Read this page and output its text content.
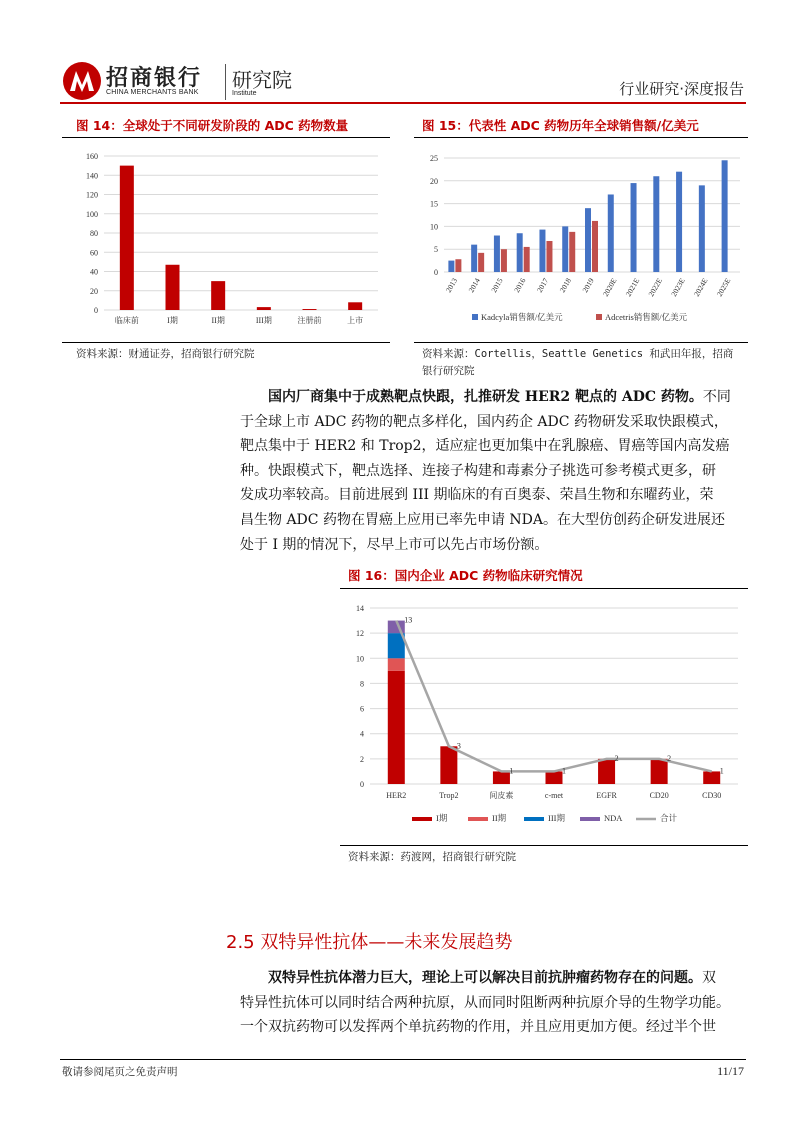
招商银行
CHINA MERCHANTS BANK
研究院
Institute	行业研究·深度报告
图 14：全球处于不同研发阶段的 ADC 药物数量
0
20
40
60
80
100
120
140
160
临床前	I期	II期	III期	注册前	上市
资料来源：财通证券，招商银行研究院
图 15：代表性 ADC 药物历年全球销售额/亿美元
0
5
10
15
20
25
2013 2014 2015 2016 2017 2018 2019 2020E 2021E 2022E 2023E 2024E 2025E
Kadcyla销售额/亿美元	Adcetris销售额/亿美元
资料来源：Cortellis，Seattle Genetics 和武田年报，招商
银行研究院
国内厂商集中于成熟靶点快跟，扎推研发 HER2 靶点的 ADC 药物。不同
于全球上市 ADC 药物的靶点多样化，国内药企 ADC 药物研发采取快跟模式，
靶点集中于 HER2 和 Trop2，适应症也更加集中在乳腺癌、胃癌等国内高发癌
种。快跟模式下，靶点选择、连接子构建和毒素分子挑选可参考模式更多，研
发成功率较高。目前进展到 III 期临床的有百奥泰、荣昌生物和东曜药业，荣
昌生物 ADC 药物在胃癌上应用已率先申请 NDA。在大型仿创药企研发进展还
处于 I 期的情况下，尽早上市可以先占市场份额。
图 16：国内企业 ADC 药物临床研究情况
0
2
4
6
8
10
12
14
HER2	Trop2	间皮素	c-met	EGFR	CD20	CD30
13
3
1	1
2	2
1
I期	II期	III期	NDA	合计
资料来源：药渡网，招商银行研究院
2.5 双特异性抗体——未来发展趋势
双特异性抗体潜力巨大，理论上可以解决目前抗肿瘤药物存在的问题。双
特异性抗体可以同时结合两种抗原，从而同时阻断两种抗原介导的生物学功能。
一个双抗药物可以发挥两个单抗药物的作用，并且应用更加方便。经过半个世
敬请参阅尾页之免责声明	11/17
